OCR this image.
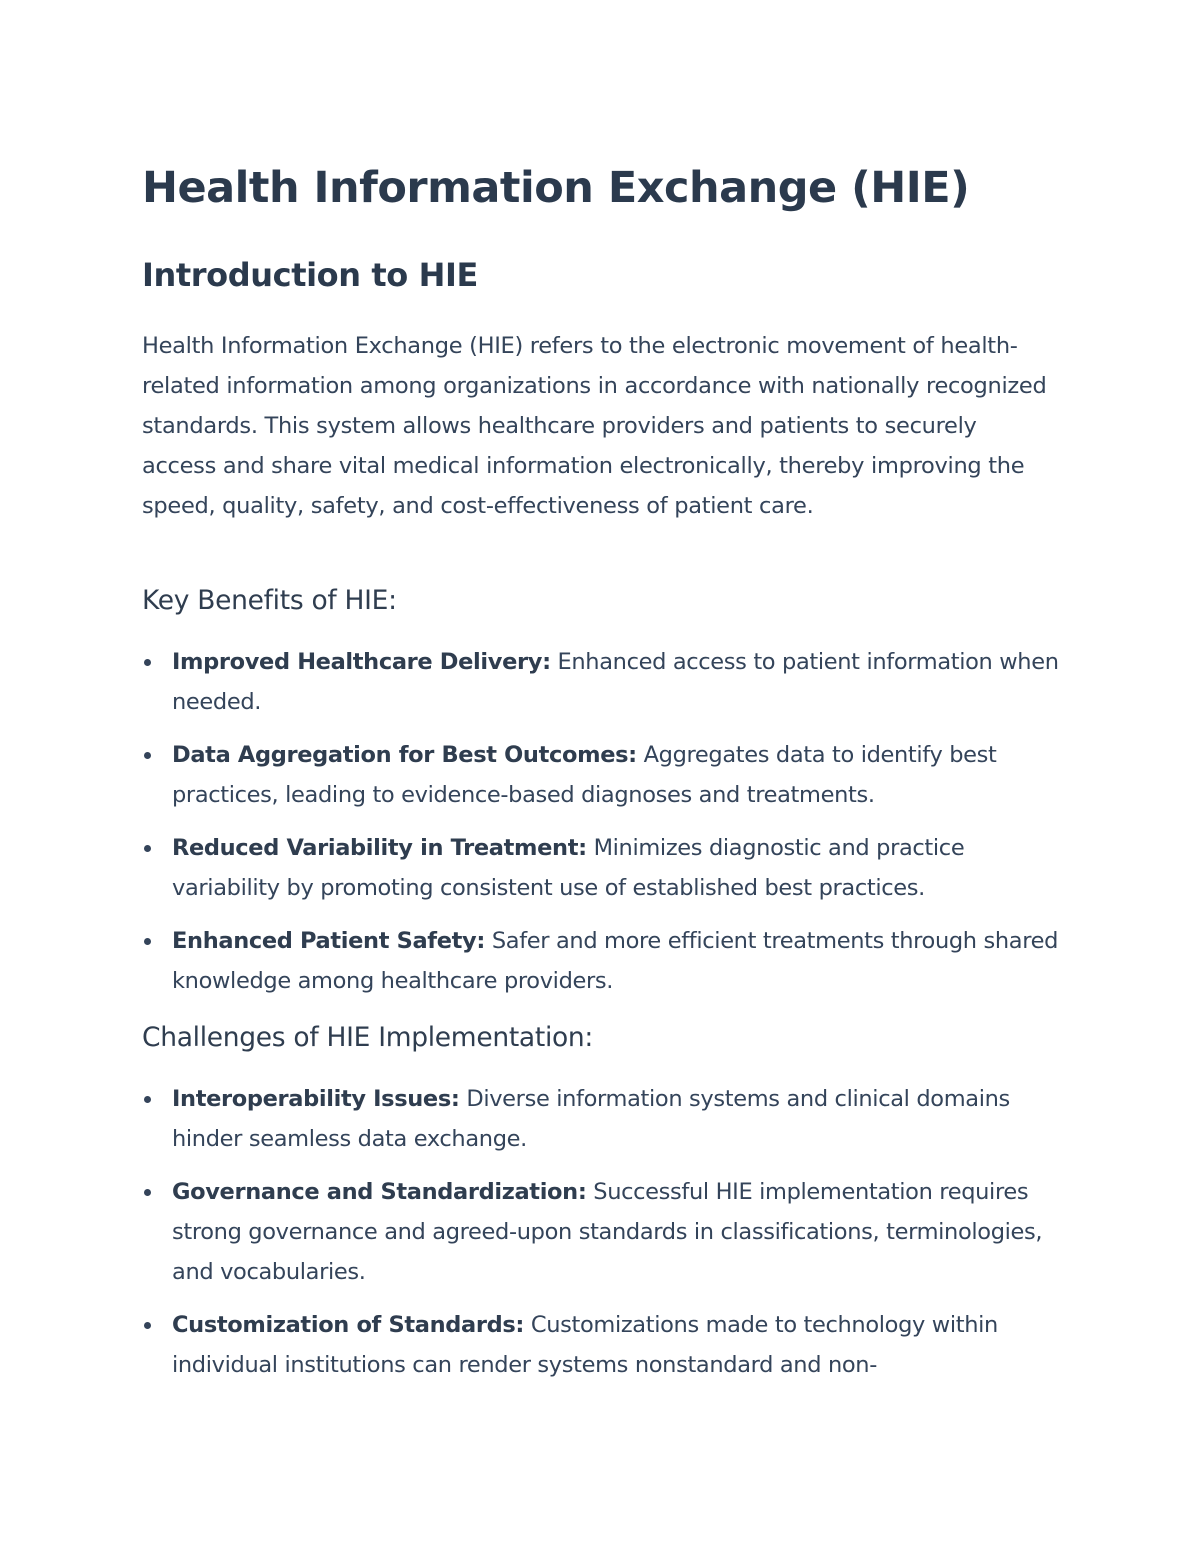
Health Information Exchange (HIE)
Introduction to HIE

Health Information Exchange (HIE) refers to the electronic movement of health-related information among organizations in accordance with nationally recognized standards. This system allows healthcare providers and patients to securely access and share vital medical information electronically, thereby improving the speed, quality, safety, and cost-effectiveness of patient care.

Key Benefits of HIE:
Improved Healthcare Delivery: Enhanced access to patient information when needed.
Data Aggregation for Best Outcomes: Aggregates data to identify best practices, leading to evidence-based diagnoses and treatments.
Reduced Variability in Treatment: Minimizes diagnostic and practice variability by promoting consistent use of established best practices.
Enhanced Patient Safety: Safer and more efficient treatments through shared knowledge among healthcare providers.
Challenges of HIE Implementation:
Interoperability Issues: Diverse information systems and clinical domains hinder seamless data exchange.
Governance and Standardization: Successful HIE implementation requires strong governance and agreed-upon standards in classifications, terminologies, and vocabularies.
Customization of Standards: Customizations made to technology within individual institutions can render systems nonstandard and non-
